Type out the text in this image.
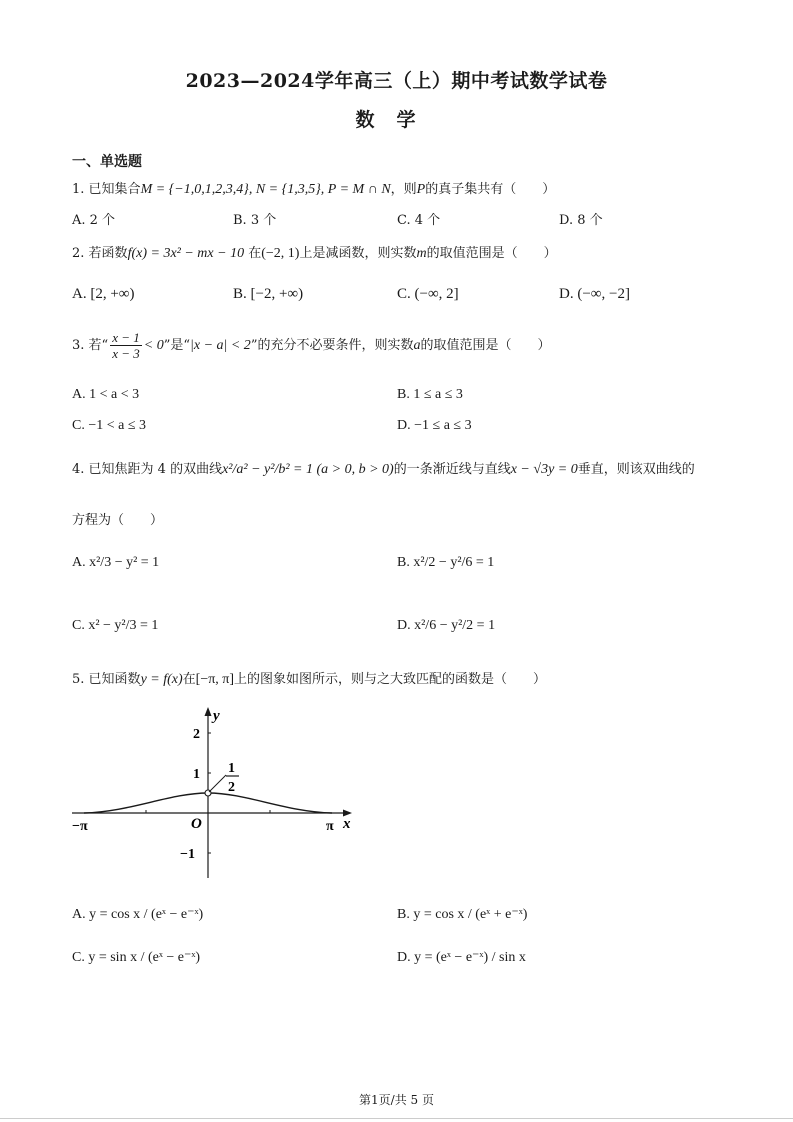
2023—2024学年高三（上）期中考试数学试卷
数学
一、单选题
1. 已知集合M = {−1,0,1,2,3,4}, N = {1,3,5}, P = M ∩ N，则P的真子集共有（　　）
A. 2 个	B. 3 个	C. 4 个	D. 8 个
2. 若函数f(x) = 3x² − mx − 10 在(−2, 1)上是减函数，则实数m的取值范围是（　　）
A. [2, +∞)	B. [−2, +∞)	C. (−∞, 2]	D. (−∞, −2]
3. 若“ $\frac{x - 1}{x - 3} < 0$”是“|x − a| < 2”的充分不必要条件，则实数a的取值范围是（　　）
A. 1 < a < 3	B. 1 ≤ a ≤ 3
C. −1 < a ≤ 3	D. −1 ≤ a ≤ 3
4. 已知焦距为 4 的双曲线x²/a² − y²/b² = 1 (a > 0, b > 0)的一条渐近线与直线x − √3y = 0垂直，则该双曲线的
方程为（　　）
A. x²/3 − y² = 1	B. x²/2 − y²/6 = 1
C. x² − y²/3 = 1	D. x²/6 − y²/2 = 1
5. 已知函数y = f(x)在[−π, π]上的图象如图所示，则与之大致匹配的函数是（　　）
y
x
O
2
1
−1
−π	π
1
2
A. y = cos x / (eˣ − e⁻ˣ)	B. y = cos x / (eˣ + e⁻ˣ)
C. y = sin x / (eˣ − e⁻ˣ)	D. y = (eˣ − e⁻ˣ) / sin x
第1页/共 5 页
